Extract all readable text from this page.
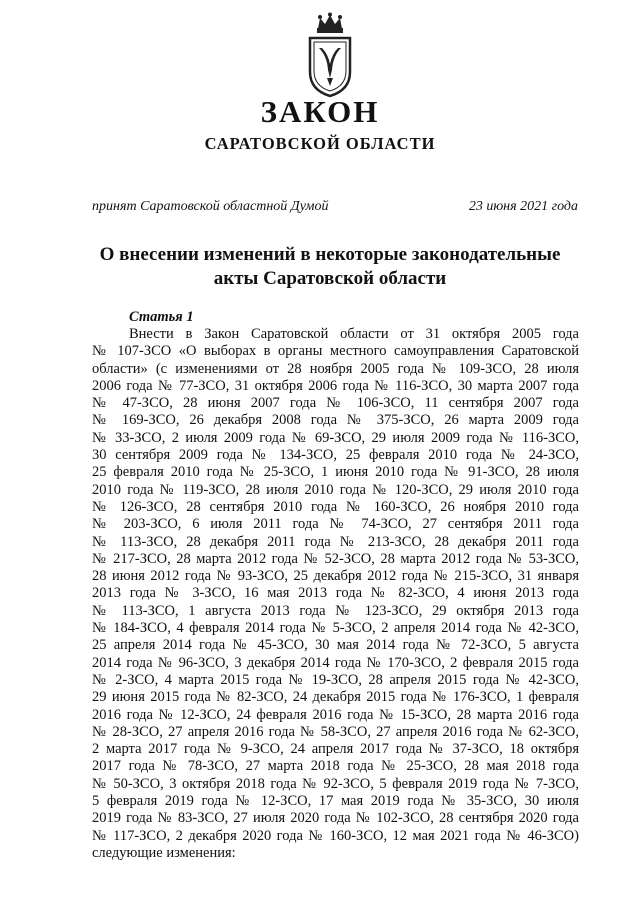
ЗАКОН
САРАТОВСКОЙ ОБЛАСТИ
принят Саратовской областной Думой	23 июня 2021 года
О внесении изменений в некоторые законодательные
акты Саратовской области
Статья 1
Внести в Закон Саратовской области от 31 октября 2005 года
№ 107-ЗСО «О выборах в органы местного самоуправления Саратовской
области» (с изменениями от 28 ноября 2005 года № 109-ЗСО, 28 июля
2006 года № 77-ЗСО, 31 октября 2006 года № 116-ЗСО, 30 марта 2007 года
№ 47-ЗСО, 28 июня 2007 года № 106-ЗСО, 11 сентября 2007 года
№ 169-ЗСО, 26 декабря 2008 года № 375-ЗСО, 26 марта 2009 года
№ 33-ЗСО, 2 июля 2009 года № 69-ЗСО, 29 июля 2009 года № 116-ЗСО,
30 сентября 2009 года № 134-ЗСО, 25 февраля 2010 года № 24-ЗСО,
25 февраля 2010 года № 25-ЗСО, 1 июня 2010 года № 91-ЗСО, 28 июля
2010 года № 119-ЗСО, 28 июля 2010 года № 120-ЗСО, 29 июля 2010 года
№ 126-ЗСО, 28 сентября 2010 года № 160-ЗСО, 26 ноября 2010 года
№ 203-ЗСО, 6 июля 2011 года № 74-ЗСО, 27 сентября 2011 года
№ 113-ЗСО, 28 декабря 2011 года № 213-ЗСО, 28 декабря 2011 года
№ 217-ЗСО, 28 марта 2012 года № 52-ЗСО, 28 марта 2012 года № 53-ЗСО,
28 июня 2012 года № 93-ЗСО, 25 декабря 2012 года № 215-ЗСО, 31 января
2013 года № 3-ЗСО, 16 мая 2013 года № 82-ЗСО, 4 июня 2013 года
№ 113-ЗСО, 1 августа 2013 года № 123-ЗСО, 29 октября 2013 года
№ 184-ЗСО, 4 февраля 2014 года № 5-ЗСО, 2 апреля 2014 года № 42-ЗСО,
25 апреля 2014 года № 45-ЗСО, 30 мая 2014 года № 72-ЗСО, 5 августа
2014 года № 96-ЗСО, 3 декабря 2014 года № 170-ЗСО, 2 февраля 2015 года
№ 2-ЗСО, 4 марта 2015 года № 19-ЗСО, 28 апреля 2015 года № 42-ЗСО,
29 июня 2015 года № 82-ЗСО, 24 декабря 2015 года № 176-ЗСО, 1 февраля
2016 года № 12-ЗСО, 24 февраля 2016 года № 15-ЗСО, 28 марта 2016 года
№ 28-ЗСО, 27 апреля 2016 года № 58-ЗСО, 27 апреля 2016 года № 62-ЗСО,
2 марта 2017 года № 9-ЗСО, 24 апреля 2017 года № 37-ЗСО, 18 октября
2017 года № 78-ЗСО, 27 марта 2018 года № 25-ЗСО, 28 мая 2018 года
№ 50-ЗСО, 3 октября 2018 года № 92-ЗСО, 5 февраля 2019 года № 7-ЗСО,
5 февраля 2019 года № 12-ЗСО, 17 мая 2019 года № 35-ЗСО, 30 июля
2019 года № 83-ЗСО, 27 июля 2020 года № 102-ЗСО, 28 сентября 2020 года
№ 117-ЗСО, 2 декабря 2020 года № 160-ЗСО, 12 мая 2021 года № 46-ЗСО)
следующие изменения:
